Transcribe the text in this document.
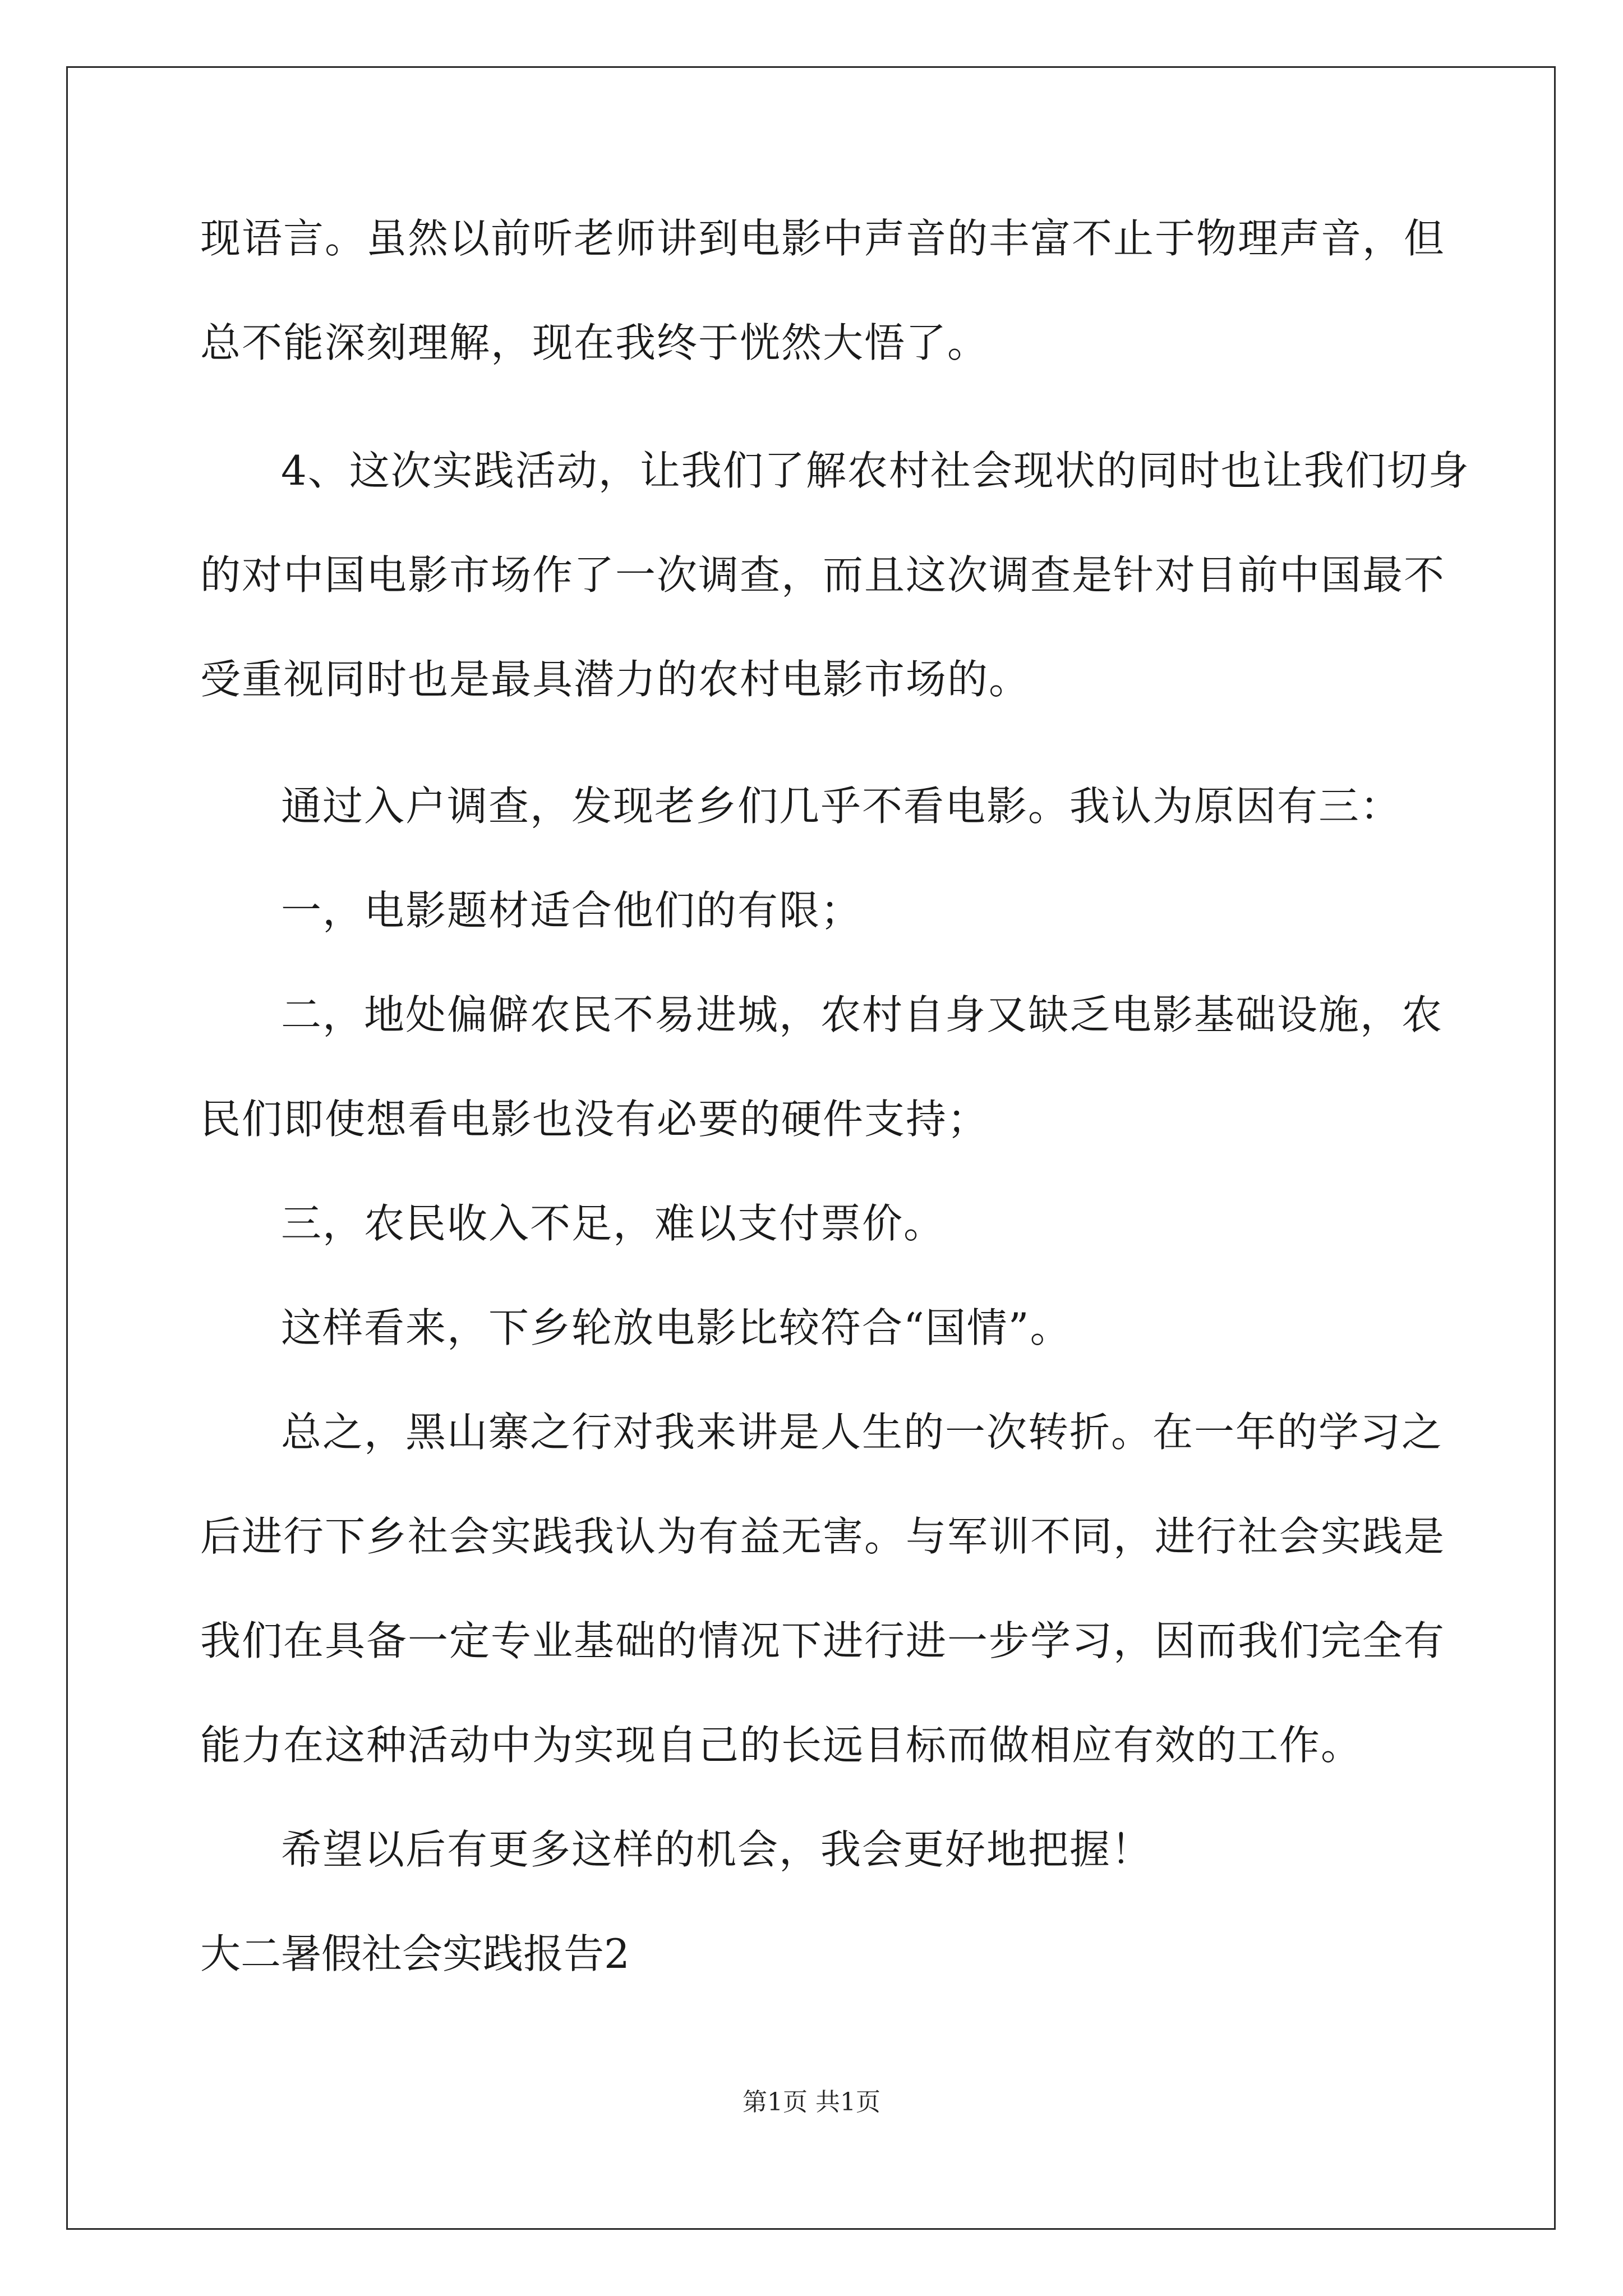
现语言。虽然以前听老师讲到电影中声音的丰富不止于物理声音，但
总不能深刻理解，现在我终于恍然大悟了。
4、这次实践活动，让我们了解农村社会现状的同时也让我们切身
的对中国电影市场作了一次调查，而且这次调查是针对目前中国最不
受重视同时也是最具潜力的农村电影市场的。
通过入户调查，发现老乡们几乎不看电影。我认为原因有三：
一，电影题材适合他们的有限；
二，地处偏僻农民不易进城，农村自身又缺乏电影基础设施，农
民们即使想看电影也没有必要的硬件支持；
三，农民收入不足，难以支付票价。
这样看来，下乡轮放电影比较符合“国情”。
总之，黑山寨之行对我来讲是人生的一次转折。在一年的学习之
后进行下乡社会实践我认为有益无害。与军训不同，进行社会实践是
我们在具备一定专业基础的情况下进行进一步学习，因而我们完全有
能力在这种活动中为实现自己的长远目标而做相应有效的工作。
希望以后有更多这样的机会，我会更好地把握！
大二暑假社会实践报告2
第1页 共1页
